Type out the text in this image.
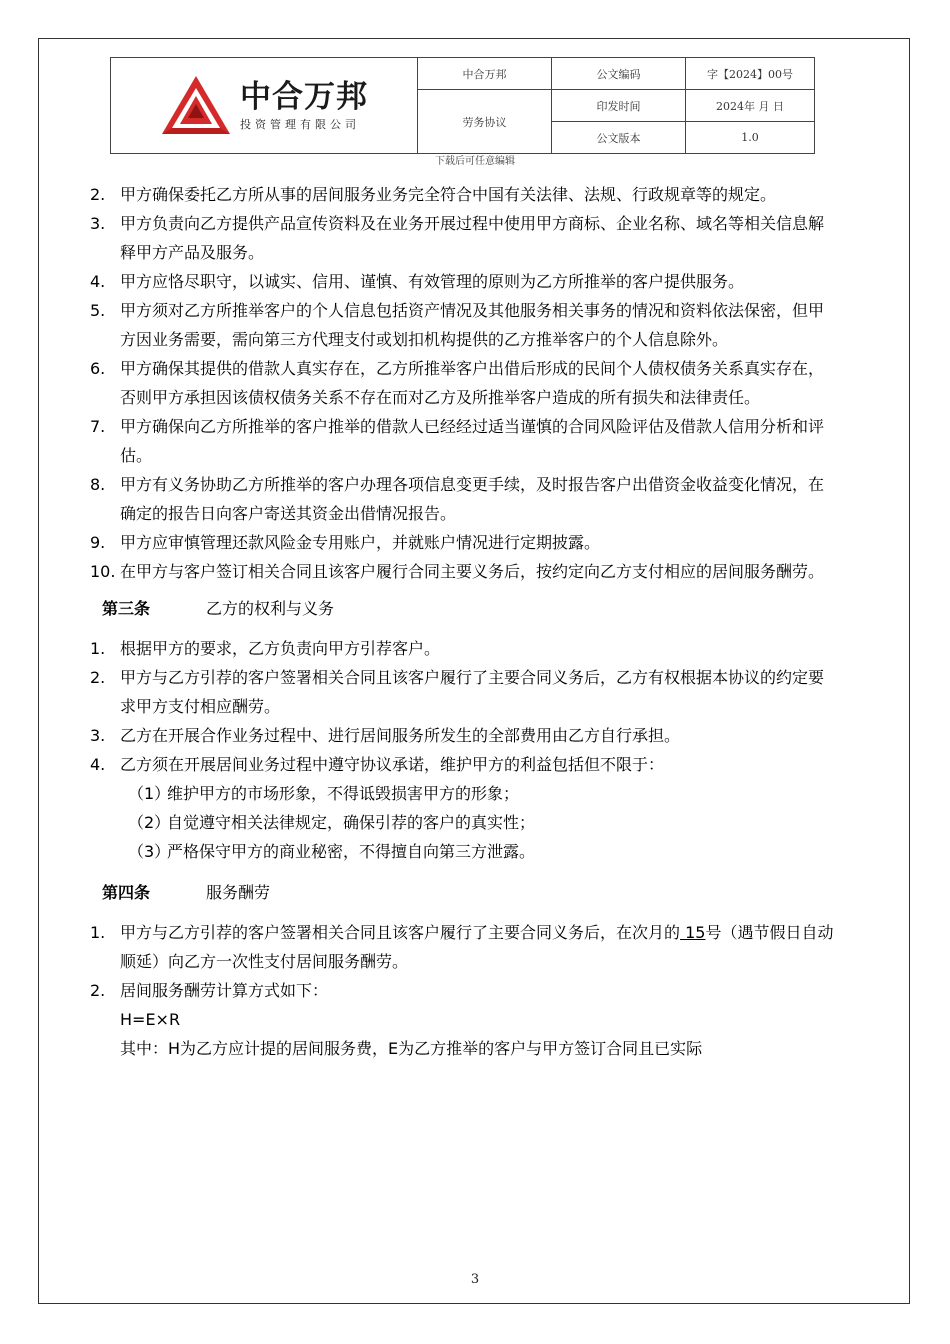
中合万邦
投资管理有限公司	中合万邦	公文编码	字【2024】00号
	劳务协议	印发时间	2024年 月 日
		公文版本	1.0
下载后可任意编辑
2. 甲方确保委托乙方所从事的居间服务业务完全符合中国有关法律、法规、行政规章等的规定。
3. 甲方负责向乙方提供产品宣传资料及在业务开展过程中使用甲方商标、企业名称、域名等相关信息解释甲方产品及服务。
4. 甲方应恪尽职守，以诚实、信用、谨慎、有效管理的原则为乙方所推举的客户提供服务。
5. 甲方须对乙方所推举客户的个人信息包括资产情况及其他服务相关事务的情况和资料依法保密，但甲方因业务需要，需向第三方代理支付或划扣机构提供的乙方推举客户的个人信息除外。
6. 甲方确保其提供的借款人真实存在，乙方所推举客户出借后形成的民间个人债权债务关系真实存在，否则甲方承担因该债权债务关系不存在而对乙方及所推举客户造成的所有损失和法律责任。
7. 甲方确保向乙方所推举的客户推举的借款人已经经过适当谨慎的合同风险评估及借款人信用分析和评估。
8. 甲方有义务协助乙方所推举的客户办理各项信息变更手续，及时报告客户出借资金收益变化情况，在确定的报告日向客户寄送其资金出借情况报告。
9. 甲方应审慎管理还款风险金专用账户，并就账户情况进行定期披露。
10. 在甲方与客户签订相关合同且该客户履行合同主要义务后，按约定向乙方支付相应的居间服务酬劳。
第三条	乙方的权利与义务
1. 根据甲方的要求，乙方负责向甲方引荐客户。
2. 甲方与乙方引荐的客户签署相关合同且该客户履行了主要合同义务后，乙方有权根据本协议的约定要求甲方支付相应酬劳。
3. 乙方在开展合作业务过程中、进行居间服务所发生的全部费用由乙方自行承担。
4. 乙方须在开展居间业务过程中遵守协议承诺，维护甲方的利益包括但不限于：
（1）
维护甲方的市场形象，不得诋毁损害甲方的形象；
（2）
自觉遵守相关法律规定，确保引荐的客户的真实性；
（3）
严格保守甲方的商业秘密，不得擅自向第三方泄露。
第四条	服务酬劳
1. 甲方与乙方引荐的客户签署相关合同且该客户履行了主要合同义务后，在次月的 15号（遇节假日自动顺延）向乙方一次性支付居间服务酬劳。
2. 居间服务酬劳计算方式如下：
H=E×R
其中：H为乙方应计提的居间服务费，E为乙方推举的客户与甲方签订合同且已实际
3
